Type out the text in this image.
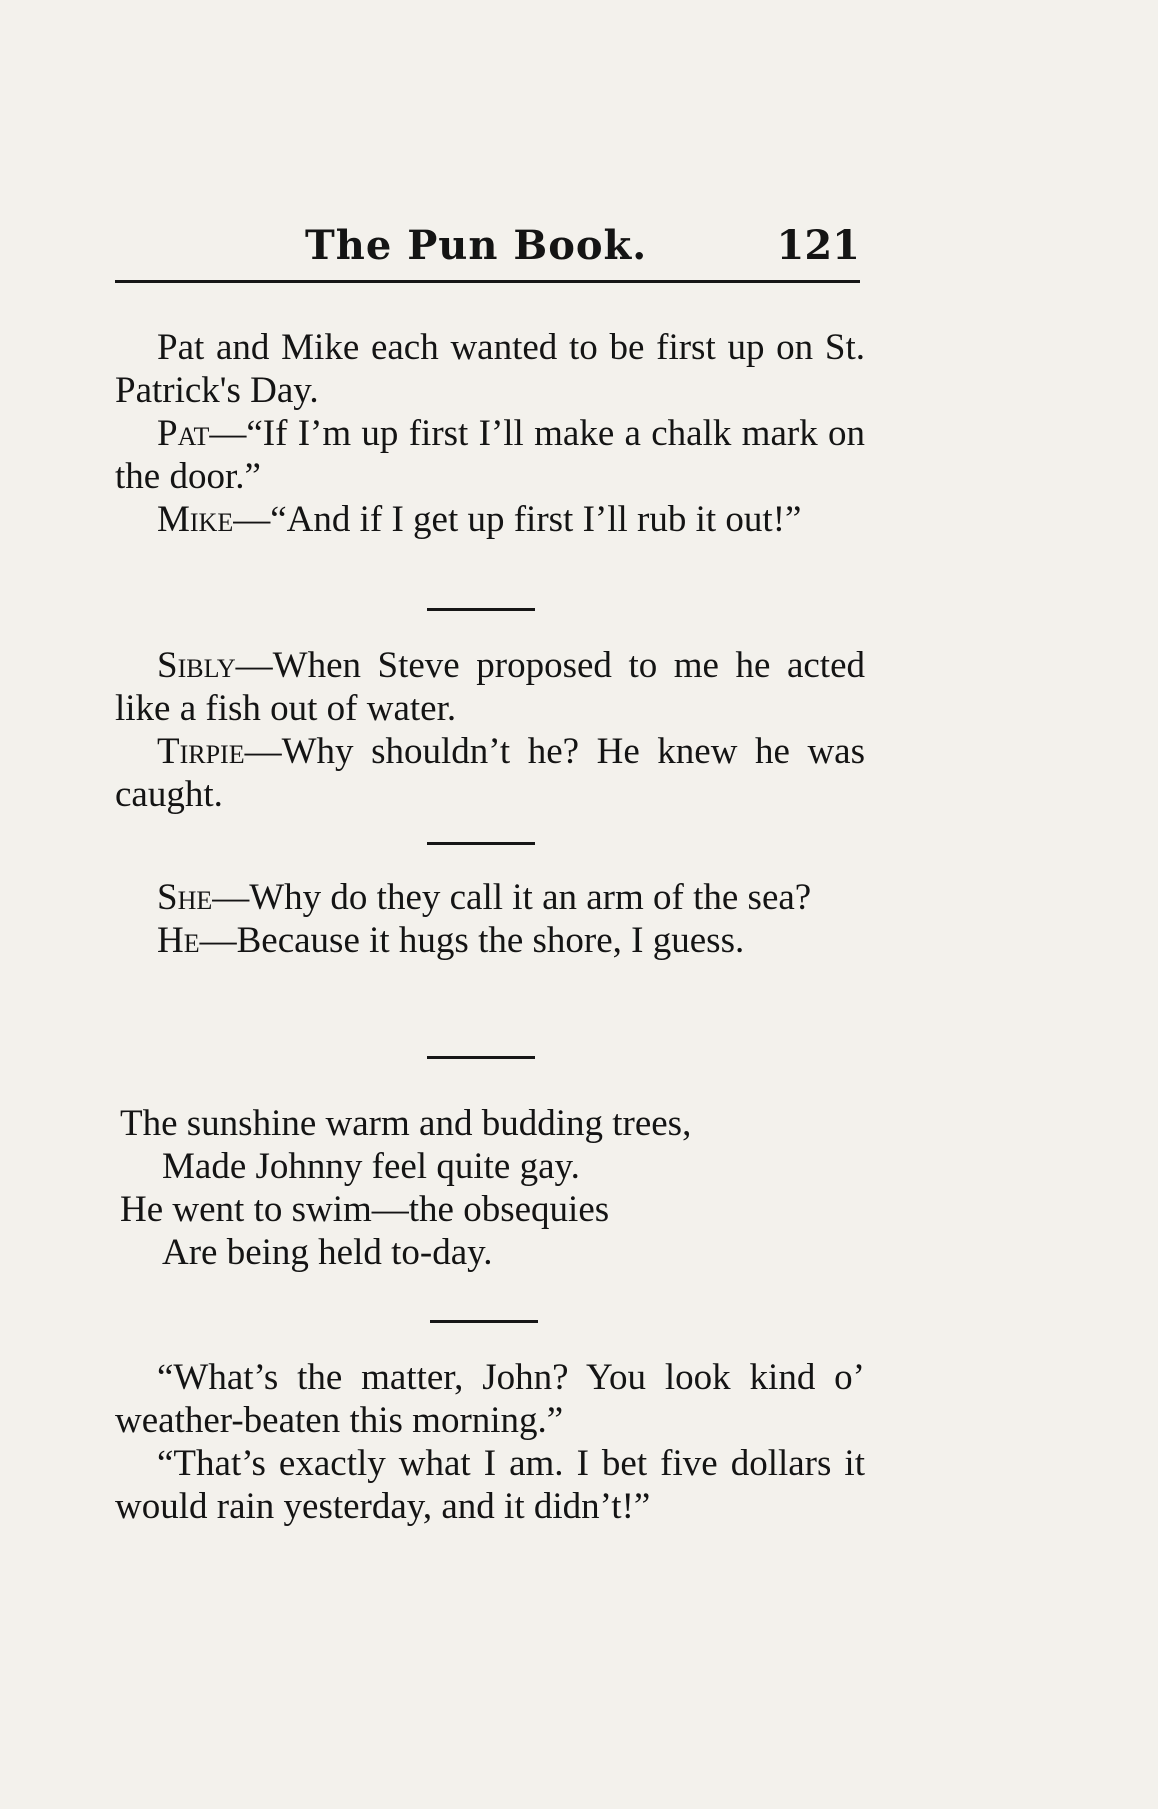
The Pun Book.	121

Pat and Mike each wanted to be first up on St. Patrick's Day.

Pat—“If I’m up first I’ll make a chalk mark on the door.”

Mike—“And if I get up first I’ll rub it out!”

Sibly—When Steve proposed to me he acted like a fish out of water.

Tirpie—Why shouldn’t he? He knew he was caught.

She—Why do they call it an arm of the sea?

He—Because it hugs the shore, I guess.

The sunshine warm and budding trees,
Made Johnny feel quite gay.
He went to swim—the obsequies
Are being held to-day.

“What’s the matter, John? You look kind o’ weather-beaten this morning.”

“That’s exactly what I am. I bet five dollars it would rain yesterday, and it didn’t!”
